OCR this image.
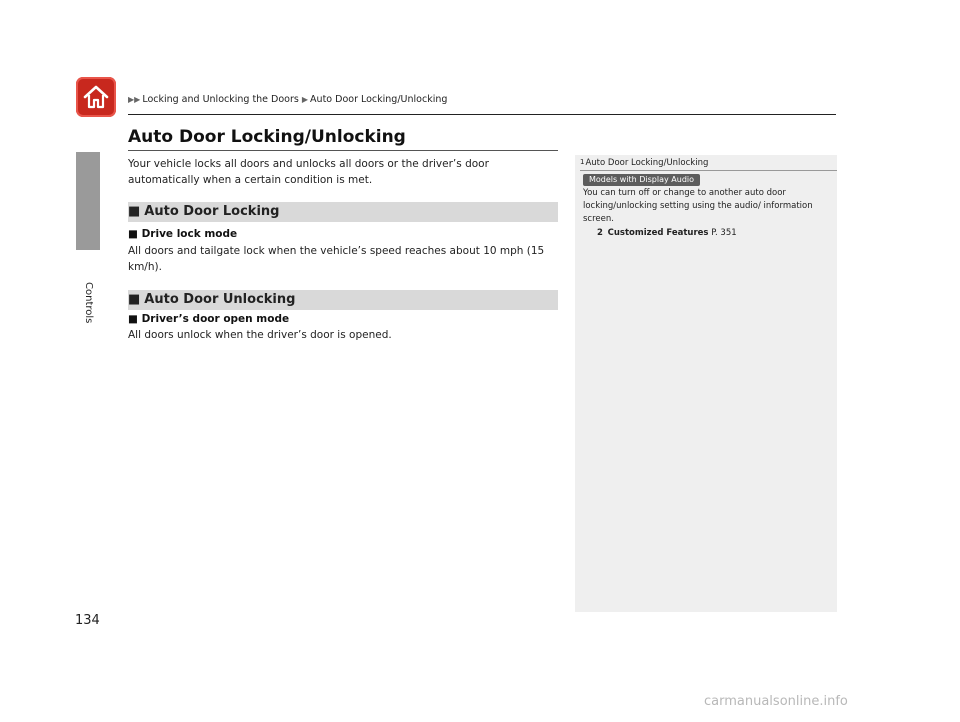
▶▶ Locking and Unlocking the Doors ▶ Auto Door Locking/Unlocking
Controls
Auto Door Locking/Unlocking
Your vehicle locks all doors and unlocks all doors or the driver’s door automatically when a certain condition is met.
■ Auto Door Locking
■ Drive lock mode
All doors and tailgate lock when the vehicle’s speed reaches about 10 mph (15 km/h).
■ Auto Door Unlocking
■ Driver’s door open mode
All doors unlock when the driver’s door is opened.
1Auto Door Locking/Unlocking
Models with Display Audio
You can turn off or change to another auto door locking/unlocking setting using the audio/ information screen.
2 Customized Features P. 351
134
carmanualsonline.info
